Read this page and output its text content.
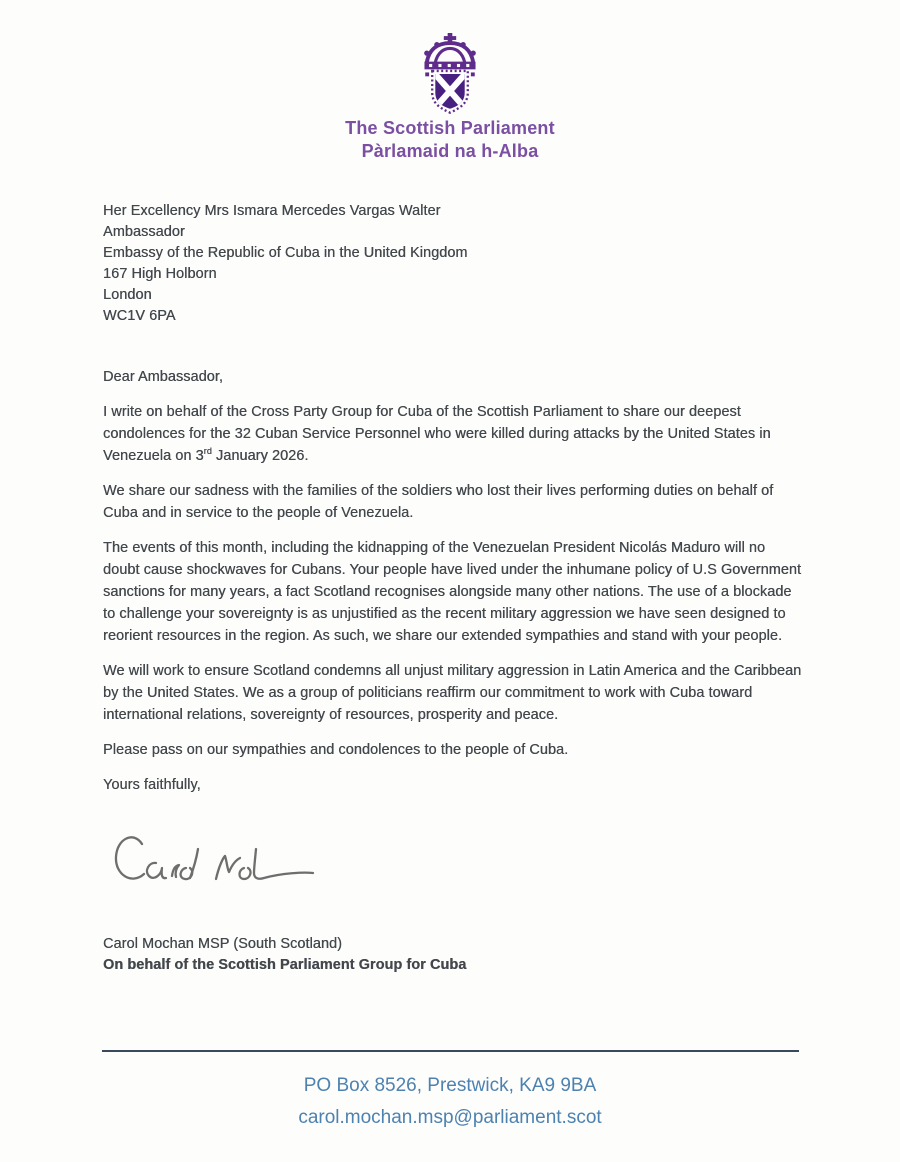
The Scottish Parliament
Pàrlamaid na h-Alba
Her Excellency Mrs Ismara Mercedes Vargas Walter
Ambassador
Embassy of the Republic of Cuba in the United Kingdom
167 High Holborn
London
WC1V 6PA

Dear Ambassador,

I write on behalf of the Cross Party Group for Cuba of the Scottish Parliament to share our deepest condolences for the 32 Cuban Service Personnel who were killed during attacks by the United States in Venezuela on 3rd January 2026.

We share our sadness with the families of the soldiers who lost their lives performing duties on behalf of Cuba and in service to the people of Venezuela.

The events of this month, including the kidnapping of the Venezuelan President Nicolás Maduro will no doubt cause shockwaves for Cubans. Your people have lived under the inhumane policy of U.S Government sanctions for many years, a fact Scotland recognises alongside many other nations. The use of a blockade to challenge your sovereignty is as unjustified as the recent military aggression we have seen designed to reorient resources in the region. As such, we share our extended sympathies and stand with your people.

We will work to ensure Scotland condemns all unjust military aggression in Latin America and the Caribbean by the United States. We as a group of politicians reaffirm our commitment to work with Cuba toward international relations, sovereignty of resources, prosperity and peace.

Please pass on our sympathies and condolences to the people of Cuba.

Yours faithfully,

Carol Mochan MSP (South Scotland)
On behalf of the Scottish Parliament Group for Cuba
PO Box 8526, Prestwick, KA9 9BA
carol.mochan.msp@parliament.scot
